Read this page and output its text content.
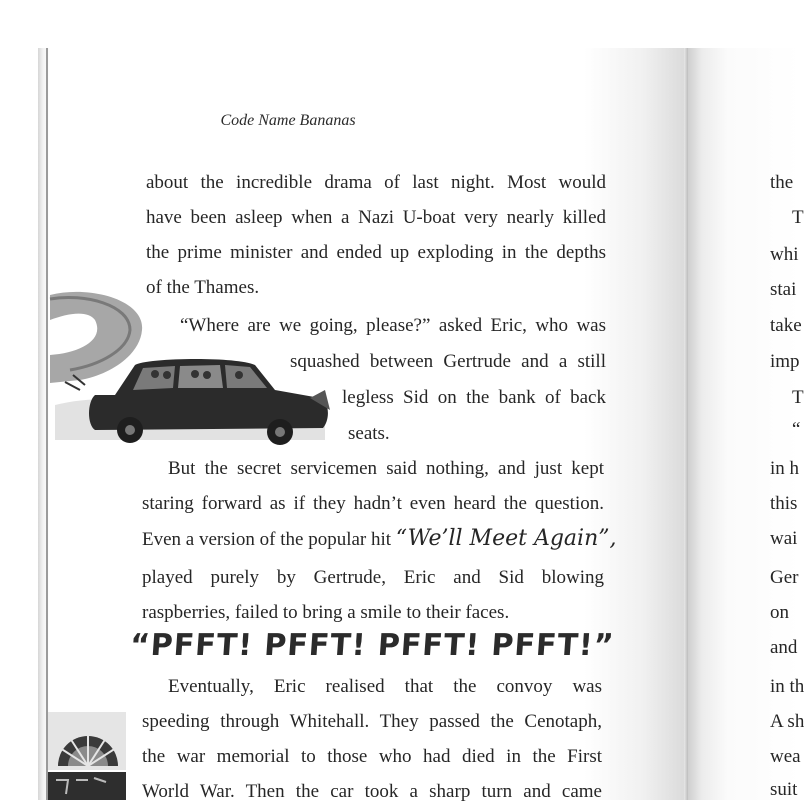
Code Name Bananas
about the incredible drama of last night. Most would
have been asleep when a Nazi U-boat very nearly killed
the prime minister and ended up exploding in the depths
of the Thames.
“Where are we going, please?” asked Eric, who was
squashed between Gertrude and a still
legless Sid on the bank of back
seats.
But the secret servicemen said nothing, and just kept
staring forward as if they hadn’t even heard the question.
Even a version of the popular hit “We’ll Meet Again”,
played purely by Gertrude, Eric and Sid blowing
raspberries, failed to bring a smile to their faces.
“PFFT! PFFT! PFFT! PFFT!”
Eventually, Eric realised that the convoy was
speeding through Whitehall. They passed the Cenotaph,
the war memorial to those who had died in the First
World War. Then the car took a sharp turn and came
the
T
whi
stai
take
imp
T
“
in h
this
wai
Ger
on
and
in th
A sh
wea
suit
